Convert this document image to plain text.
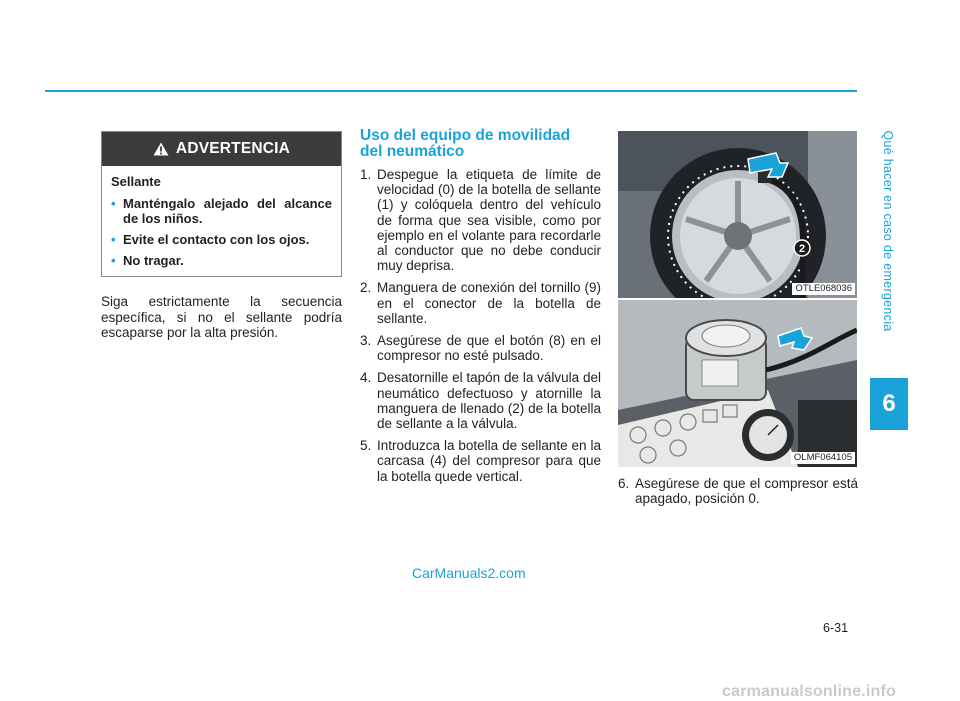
Qué hacer en caso de emergencia
6
ADVERTENCIA
Sellante
• Manténgalo alejado del alcance de los niños.
• Evite el contacto con los ojos.
• No tragar.
Siga estrictamente la secuencia específica, si no el sellante podría escaparse por la alta presión.
Uso del equipo de movilidad
del neumático
1. Despegue la etiqueta de límite de velocidad (0) de la botella de sellante (1) y colóquela dentro del vehículo de forma que sea visible, como por ejemplo en el volante para recordarle al conductor que no debe conducir muy deprisa.
2. Manguera de conexión del tornillo (9) en el conector de la botella de sellante.
3. Asegúrese de que el botón (8) en el compresor no esté pulsado.
4. Desatornille el tapón de la válvula del neumático defectuoso y atornille la manguera de llenado (2) de la botella de sellante a la válvula.
5. Introduzca la botella de sellante en la carcasa (4) del compresor para que la botella quede vertical.
2
OTLE068036
OLMF064105
6. Asegúrese de que el compresor está apagado, posición 0.
CarManuals2.com
6-31
carmanualsonline.info
